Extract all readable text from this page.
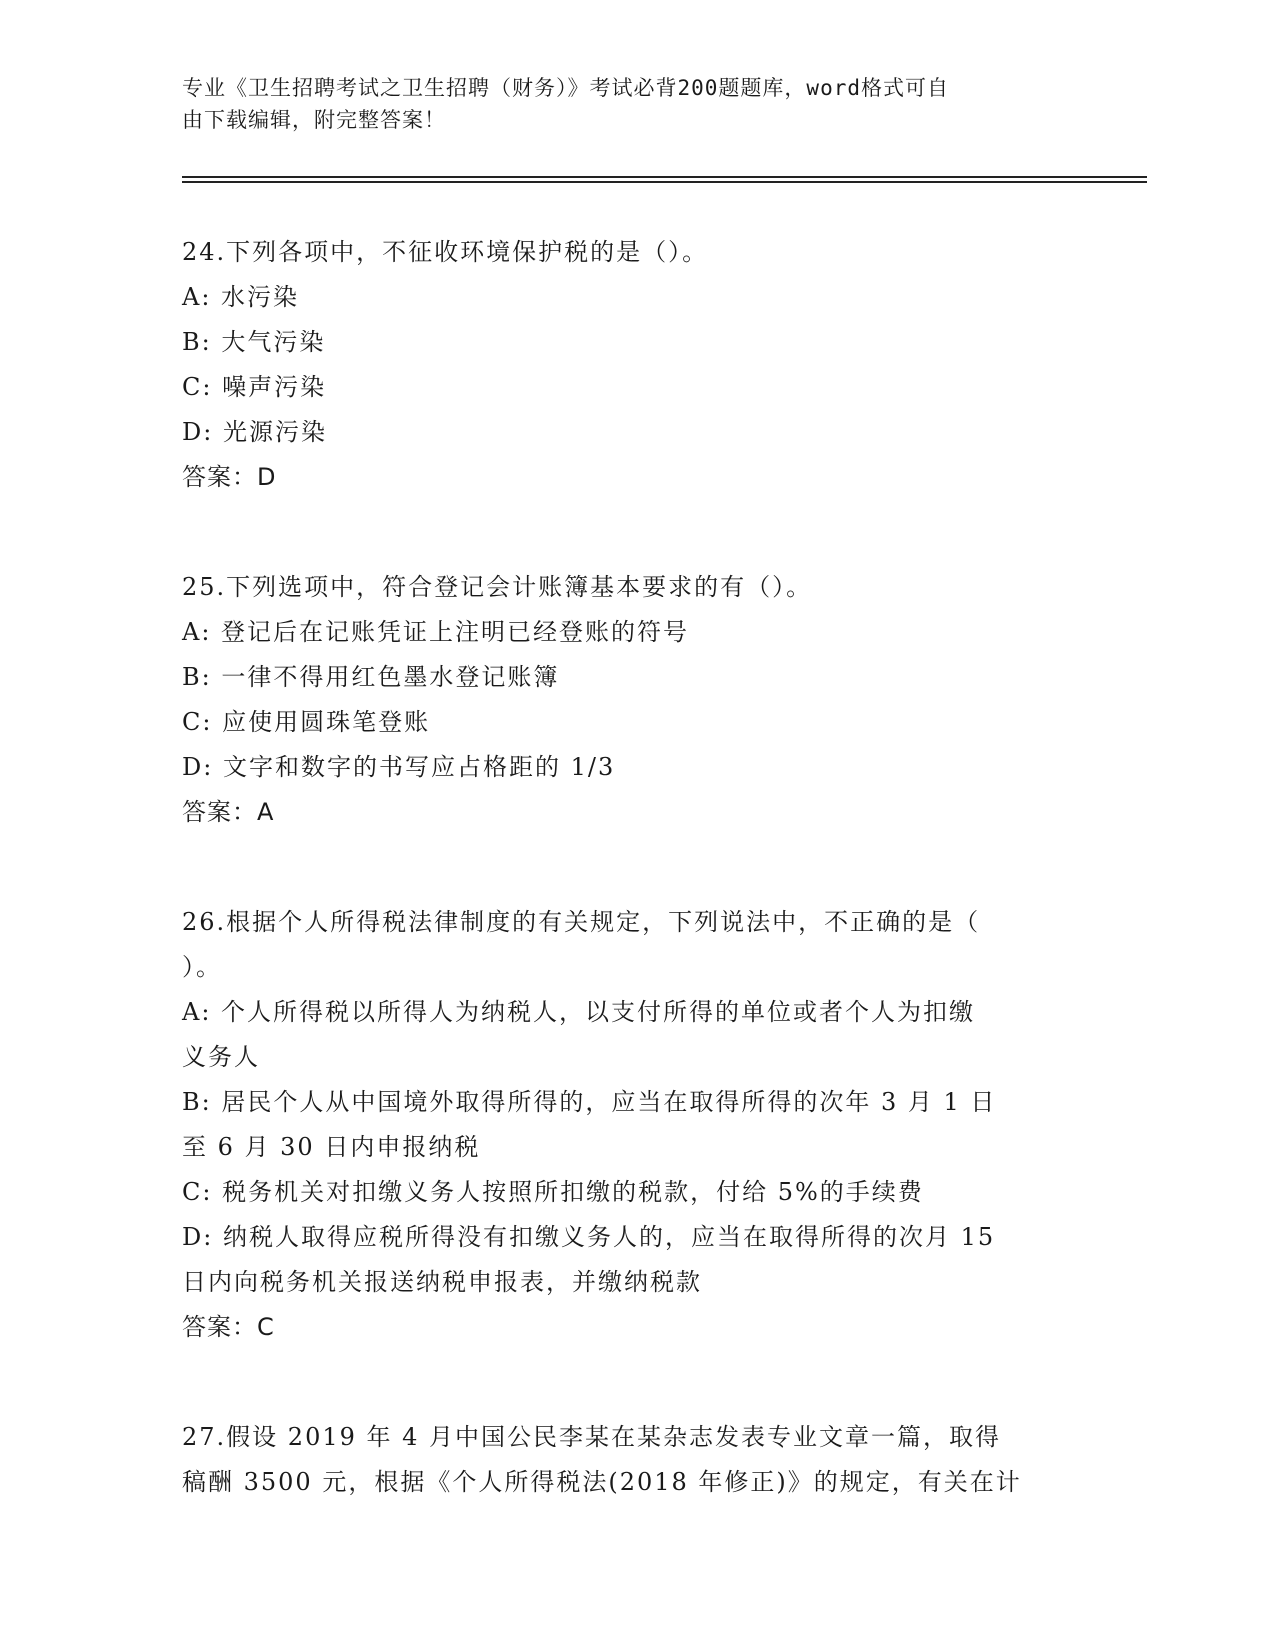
专业《卫生招聘考试之卫生招聘（财务）》考试必背200题题库，word格式可自
由下载编辑，附完整答案！
24.下列各项中，不征收环境保护税的是（）。
A: 水污染
B: 大气污染
C: 噪声污染
D: 光源污染
答案：D
25.下列选项中，符合登记会计账簿基本要求的有（）。
A: 登记后在记账凭证上注明已经登账的符号
B: 一律不得用红色墨水登记账簿
C: 应使用圆珠笔登账
D: 文字和数字的书写应占格距的 1/3
答案：A
26.根据个人所得税法律制度的有关规定，下列说法中，不正确的是（
）。
A: 个人所得税以所得人为纳税人，以支付所得的单位或者个人为扣缴
义务人
B: 居民个人从中国境外取得所得的，应当在取得所得的次年 3 月 1 日
至 6 月 30 日内申报纳税
C: 税务机关对扣缴义务人按照所扣缴的税款，付给 5%的手续费
D: 纳税人取得应税所得没有扣缴义务人的，应当在取得所得的次月 15
日内向税务机关报送纳税申报表，并缴纳税款
答案：C
27.假设 2019 年 4 月中国公民李某在某杂志发表专业文章一篇，取得
稿酬 3500 元，根据《个人所得税法(2018 年修正)》的规定，有关在计
